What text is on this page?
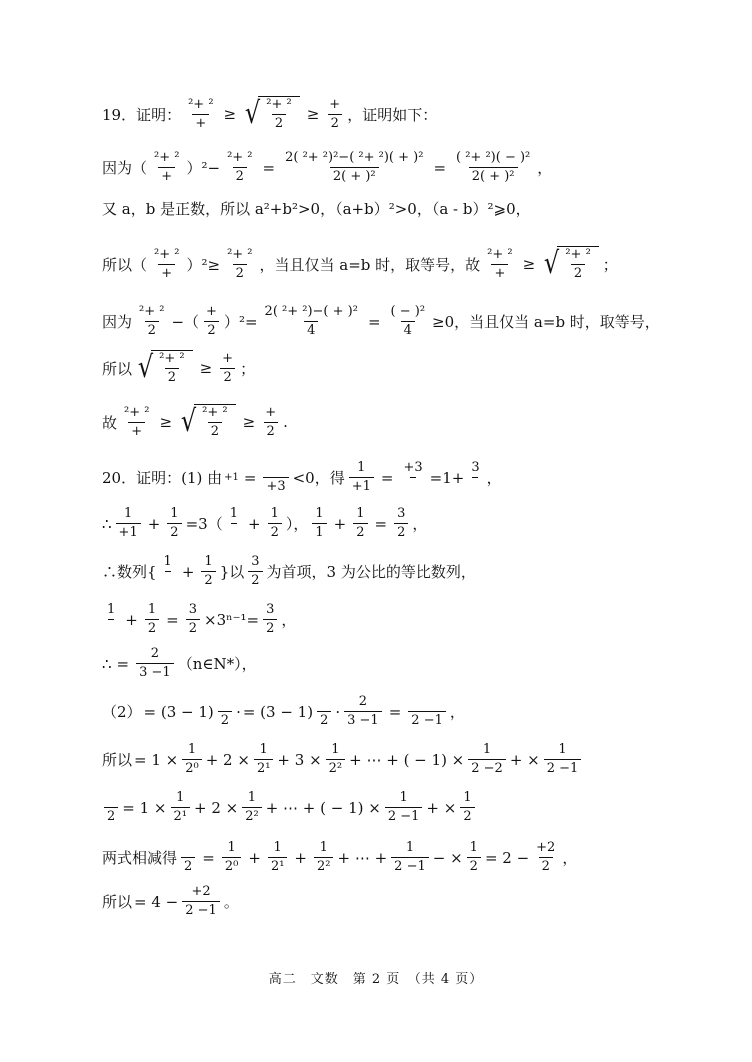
19．证明： $\frac{\text{²+ ²}}{+}$ ≥ √ $\frac{\text{²+ ²}}{2} \ge \frac{+}{2}$ ，证明如下：
因为（ $\frac{\text{²+ ²}}{+} )^2- \frac{\text{²+ ²}}{2} = \frac{\text{2( ²+ ²)²−( ²+ ²)( + )²}}{\text{2( + )²}} = \frac{\text{( ²+ ²)( − )²}}{\text{2( + )²}}$ ，
又 a，b 是正数，所以 a²+b²>0，（a+b）²>0，（a - b）²⩾0，
所以（ $\frac{\text{²+ ²}}{+} )^2\ge \frac{\text{²+ ²}}{2}$ ，当且仅当 a=b 时，取等号，故 $\frac{\text{²+ ²}}{+}$ ≥ √ $\frac{\text{²+ ²}}{2}$ ；
因为 $\frac{\text{²+ ²}}{2}$ −（ $\frac{+}{2} )^2= \frac{\text{2( ²+ ²)−( + )²}}{4} = \frac{\text{( − )²}}{4} \ge 0$，当且仅当 a=b 时，取等号，
所以 √ $\frac{\text{²+ ²}}{2} \ge \frac{+}{2}$ ；
故 $\frac{\text{²+ ²}}{+}$ ≥ √ $\frac{\text{²+ ²}}{2} \ge \frac{+}{2}$ .
20．证明：(1) 由 +1 = +3 <0，得 $\frac{1}{+1}$ =
+3
=1+
3
，
∴ $\frac{1}{+1} + \frac{1}{2} =3$（
1
+ $\frac{1}{2}$ ）， $\frac{1}{1} + \frac{1}{2} = \frac{3}{2}$ ，
∴数列{
1
+ $\frac{1}{2}$ }以 $\frac{3}{2}$ 为首项，3 为公比的等比数列，
1
+ $\frac{1}{2} = \frac{3}{2} \times 3^{n-1}= \frac{3}{2}$ ，
∴ = $\frac{2}{3 -1}$ （n∈N*），
（2） = (3 − 1) 2 · = (3 − 1) $2 \cdot \frac{2}{3 -1} = 2 -1$ ，
所以 = $1 \times \frac{1}{\text{2⁰}} + 2 \times \frac{1}{\text{2¹}} + 3 \times \frac{1}{\text{2²}}$ + ⋯ + ( − $1) \times \frac{1}{2 -2}$ + × $\frac{1}{2 -1}$
$2 = 1 \times \frac{1}{\text{2¹}} + 2 \times \frac{1}{\text{2²}}$ + ⋯ + ( − $1) \times \frac{1}{2 -1}$ + × $\frac{1}{2}$
两式相减得 $2 = \frac{1}{\text{2⁰}} + \frac{1}{\text{2¹}} + \frac{1}{\text{2²}}$ + ⋯ + $\frac{1}{2 -1}$ − × $\frac{1}{2} = 2 - \frac{+2}{2}$ ，
所以 = $4 - \frac{+2}{2 -1}$ 。
高二　文数　第 2 页　（共 4 页）
